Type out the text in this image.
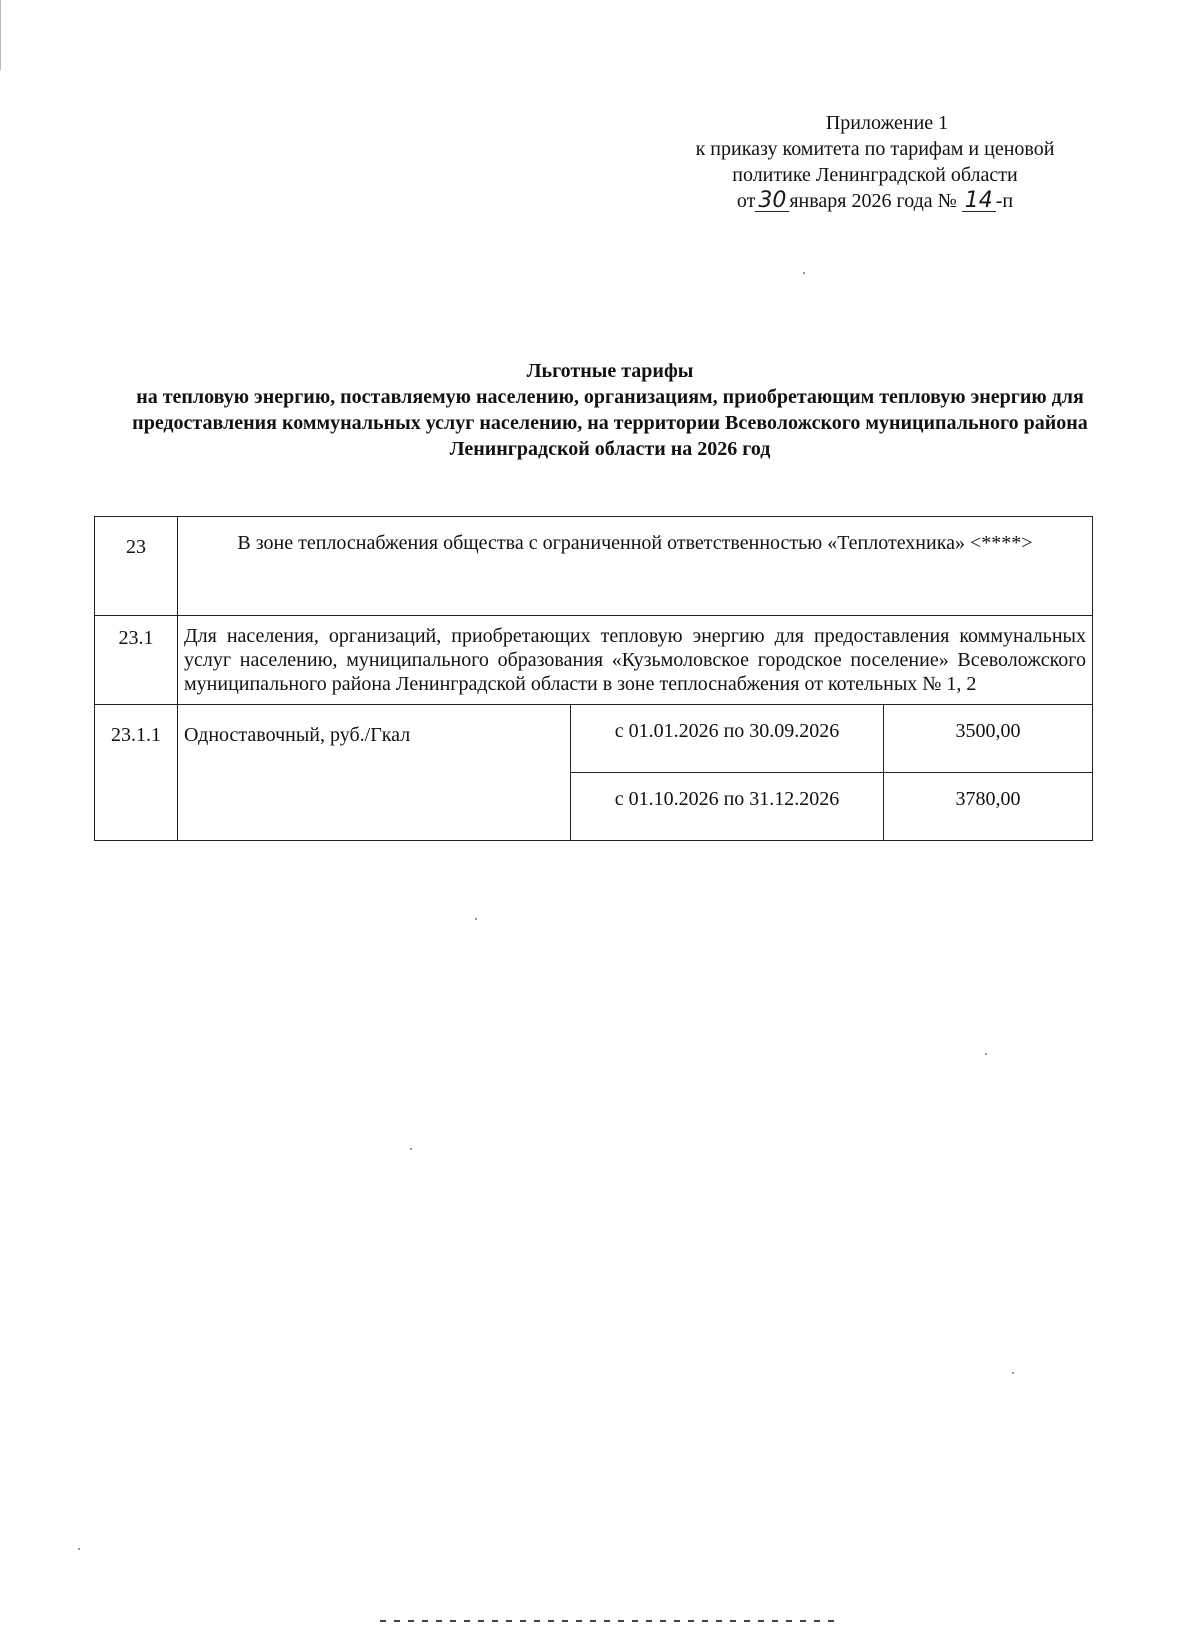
Приложение 1
к приказу комитета по тарифам и ценовой
политике Ленинградской области
от 30 января 2026 года № 14 -п
Льготные тарифы
на тепловую энергию, поставляемую населению, организациям, приобретающим тепловую энергию для предоставления коммунальных услуг населению, на территории Всеволожского муниципального района Ленинградской области на 2026 год
23	В зоне теплоснабжения общества с ограниченной ответственностью «Теплотехника» <****>		
23.1	Для населения, организаций, приобретающих тепловую энергию для предоставления коммунальных услуг населению, муниципального образования «Кузьмоловское городское поселение» Всеволожского муниципального района Ленинградской области в зоне теплоснабжения от котельных № 1, 2		
23.1.1	Одноставочный, руб./Гкал	с 01.01.2026 по 30.09.2026	3500,00
		с 01.10.2026 по 31.12.2026	3780,00
